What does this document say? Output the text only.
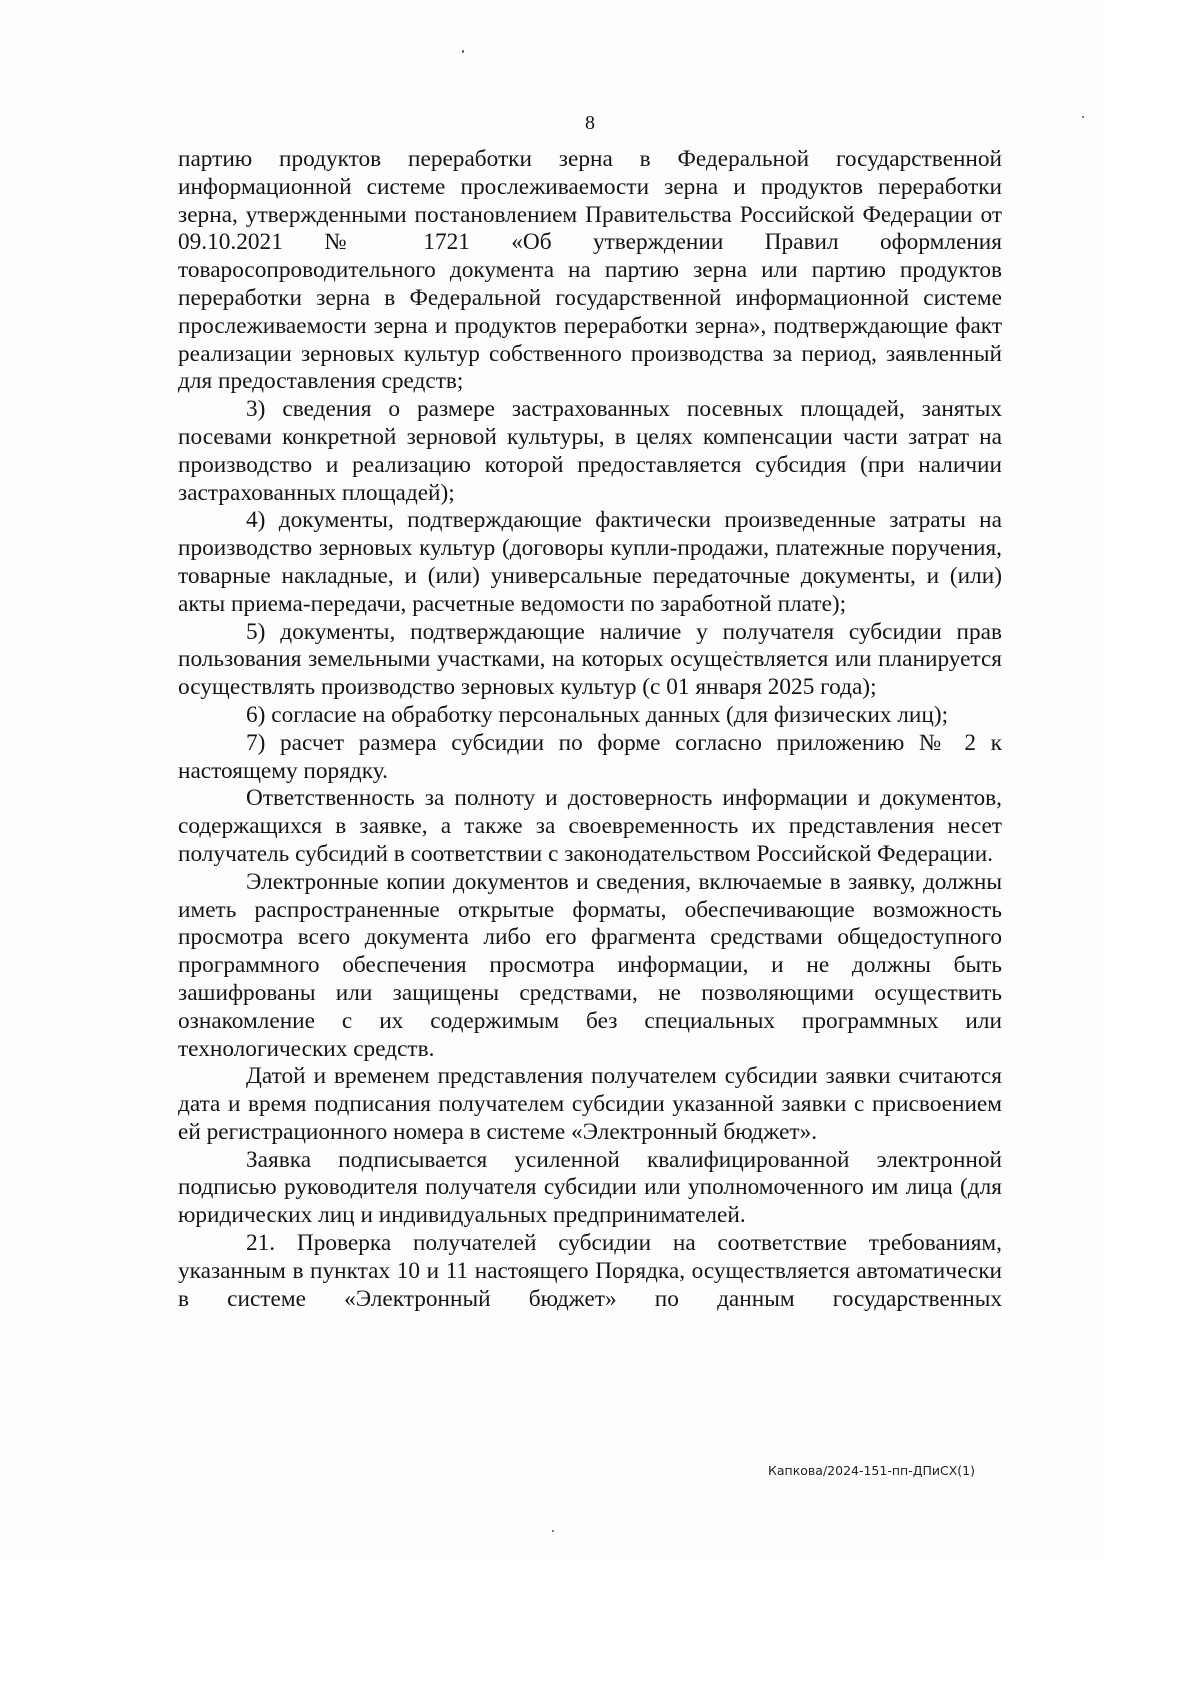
8

партию продуктов переработки зерна в Федеральной государственной информационной системе прослеживаемости зерна и продуктов переработки зерна, утвержденными постановлением Правительства Российской Федерации от 09.10.2021 № 1721 «Об утверждении Правил оформления товаросопроводительного документа на партию зерна или партию продуктов переработки зерна в Федеральной государственной информационной системе прослеживаемости зерна и продуктов переработки зерна», подтверждающие факт реализации зерновых культур собственного производства за период, заявленный для предоставления средств;

3) сведения о размере застрахованных посевных площадей, занятых посевами конкретной зерновой культуры, в целях компенсации части затрат на производство и реализацию которой предоставляется субсидия (при наличии застрахованных площадей);

4) документы, подтверждающие фактически произведенные затраты на производство зерновых культур (договоры купли-продажи, платежные поручения, товарные накладные, и (или) универсальные передаточные документы, и (или) акты приема-передачи, расчетные ведомости по заработной плате);

5) документы, подтверждающие наличие у получателя субсидии прав пользования земельными участками, на которых осуществляется или планируется осуществлять производство зерновых культур (с 01 января 2025 года);

6) согласие на обработку персональных данных (для физических лиц);

7) расчет размера субсидии по форме согласно приложению № 2 к настоящему порядку.

Ответственность за полноту и достоверность информации и документов, содержащихся в заявке, а также за своевременность их представления несет получатель субсидий в соответствии с законодательством Российской Федерации.

Электронные копии документов и сведения, включаемые в заявку, должны иметь распространенные открытые форматы, обеспечивающие возможность просмотра всего документа либо его фрагмента средствами общедоступного программного обеспечения просмотра информации, и не должны быть зашифрованы или защищены средствами, не позволяющими осуществить ознакомление с их содержимым без специальных программных или технологических средств.

Датой и временем представления получателем субсидии заявки считаются дата и время подписания получателем субсидии указанной заявки с присвоением ей регистрационного номера в системе «Электронный бюджет».

Заявка подписывается усиленной квалифицированной электронной подписью руководителя получателя субсидии или уполномоченного им лица (для юридических лиц и индивидуальных предпринимателей.

21. Проверка получателей субсидии на соответствие требованиям, указанным в пунктах 10 и 11 настоящего Порядка, осуществляется автоматически в системе «Электронный бюджет» по данным государственных

Капкова/2024-151-пп-ДПиСХ(1)
